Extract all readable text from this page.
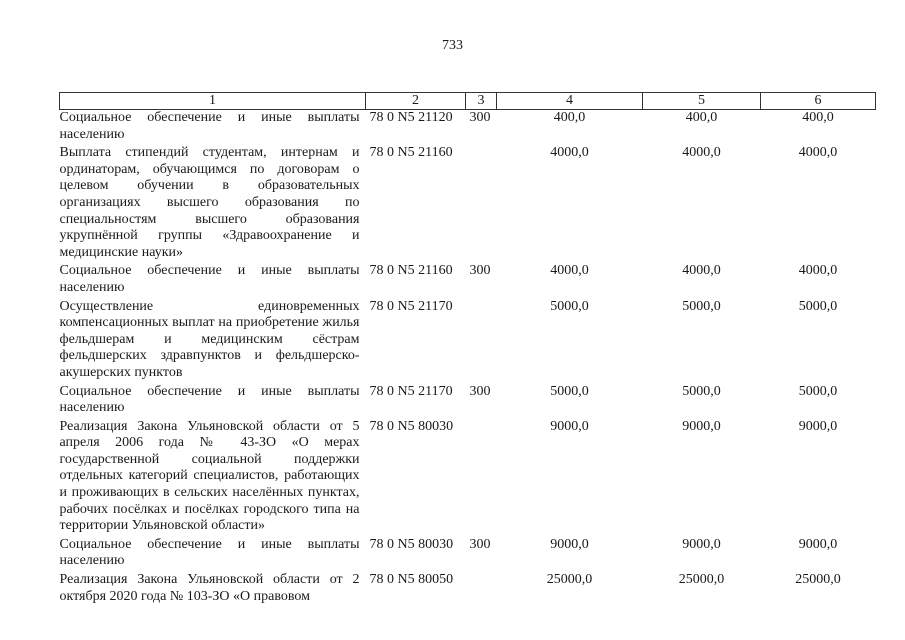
733
1	2	3	4	5	6
Социальное обеспечение и иные выплаты населению	78 0 N5 21120	300	400,0	400,0	400,0
Выплата стипендий студентам, интернам и ординаторам, обучающимся по договорам о целевом обучении в образовательных организациях высшего образования по специальностям высшего образования укрупнённой группы «Здравоохранение и медицинские науки»	78 0 N5 21160		4000,0	4000,0	4000,0
Социальное обеспечение и иные выплаты населению	78 0 N5 21160	300	4000,0	4000,0	4000,0
Осуществление единовременных компенсационных выплат на приобретение жилья фельдшерам и медицинским сёстрам фельдшерских здравпунктов и фельдшерско-акушерских пунктов	78 0 N5 21170		5000,0	5000,0	5000,0
Социальное обеспечение и иные выплаты населению	78 0 N5 21170	300	5000,0	5000,0	5000,0
Реализация Закона Ульяновской области от 5 апреля 2006 года № 43-ЗО «О мерах государственной социальной поддержки отдельных категорий специалистов, работающих и проживающих в сельских населённых пунктах, рабочих посёлках и посёлках городского типа на территории Ульяновской области»	78 0 N5 80030		9000,0	9000,0	9000,0
Социальное обеспечение и иные выплаты населению	78 0 N5 80030	300	9000,0	9000,0	9000,0
Реализация Закона Ульяновской области от 2 октября 2020 года № 103-ЗО «О правовом	78 0 N5 80050		25000,0	25000,0	25000,0
